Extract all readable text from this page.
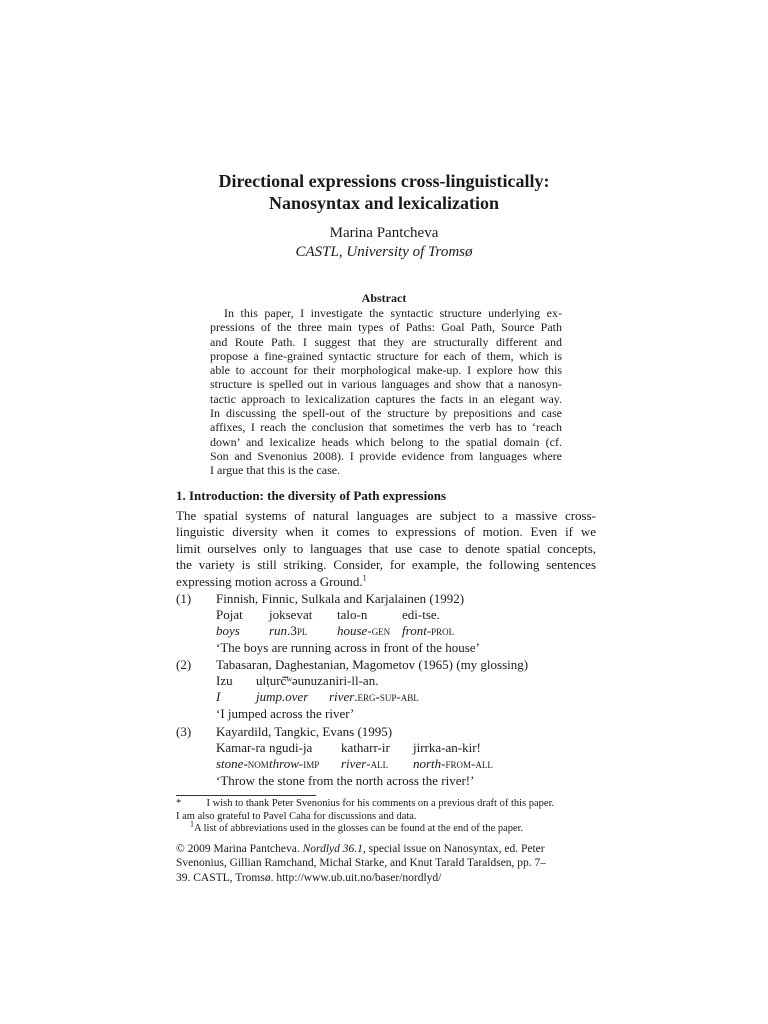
Directional expressions cross-linguistically:
Nanosyntax and lexicalization
Marina Pantcheva
CASTL, University of Tromsø
Abstract
In this paper, I investigate the syntactic structure underlying ex-
pressions of the three main types of Paths: Goal Path, Source Path
and Route Path. I suggest that they are structurally different and
propose a fine-grained syntactic structure for each of them, which is
able to account for their morphological make-up. I explore how this
structure is spelled out in various languages and show that a nanosyn-
tactic approach to lexicalization captures the facts in an elegant way.
In discussing the spell-out of the structure by prepositions and case
affixes, I reach the conclusion that sometimes the verb has to ‘reach
down’ and lexicalize heads which belong to the spatial domain (cf.
Son and Svenonius 2008). I provide evidence from languages where
I argue that this is the case.
1. Introduction: the diversity of Path expressions
The spatial systems of natural languages are subject to a massive cross-
linguistic diversity when it comes to expressions of motion. Even if we
limit ourselves only to languages that use case to denote spatial concepts,
the variety is still striking. Consider, for example, the following sentences
expressing motion across a Ground.$^1$
(1) Finnish, Finnic, Sulkala and Karjalainen (1992)
Pojat joksevat talo-n	edi-tse.
boys run.3pl house-gen front-prol
‘The boys are running across in front of the house’
(2) Tabasaran, Daghestanian, Magometov (1965) (my glossing)
Izu ulṭurč̌ʷəunuza niri-ll-an.
I	jump.over river.erg-sup-abl
‘I jumped across the river’
(3) Kayardild, Tangkic, Evans (1995)
Kamar-ra ngudi-ja katharr-ir jirrka-an-kir!
stone-nom throw-imp river-all north-from-all
‘Throw the stone from the north across the river!’
* I wish to thank Peter Svenonius for his comments on a previous draft of this paper.
I am also grateful to Pavel Caha for discussions and data.
$^1$A list of abbreviations used in the glosses can be found at the end of the paper.
© 2009 Marina Pantcheva. Nordlyd 36.1, special issue on Nanosyntax, ed. Peter
Svenonius, Gillian Ramchand, Michal Starke, and Knut Tarald Taraldsen, pp. 7–
39. CASTL, Tromsø. http://www.ub.uit.no/baser/nordlyd/
